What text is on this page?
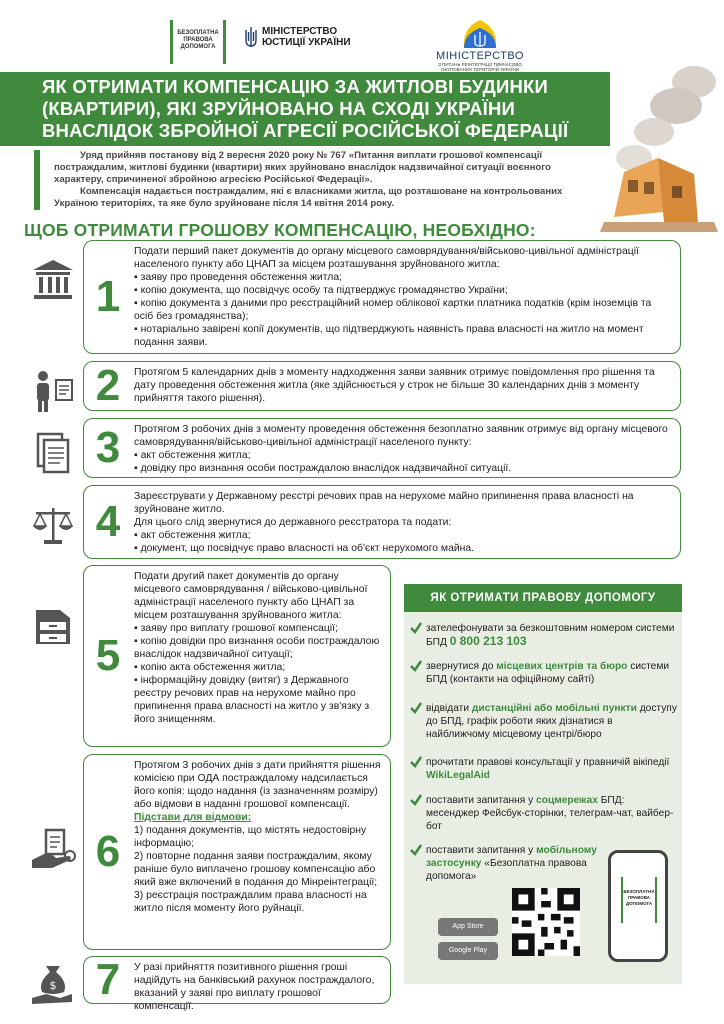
БЕЗОПЛАТНА ПРАВОВА ДОПОМОГА
МІНІСТЕРСТВО
ЮСТИЦІЇ УКРАЇНИ
МІНІСТЕРСТВО
З ПИТАНЬ РЕІНТЕГРАЦІЇ ТИМЧАСОВО ОКУПОВАНИХ ТЕРИТОРІЙ УКРАЇНИ
ЯК ОТРИМАТИ КОМПЕНСАЦІЮ ЗА ЖИТЛОВІ БУДИНКИ
(КВАРТИРИ), ЯКІ ЗРУЙНОВАНО НА СХОДІ УКРАЇНИ
ВНАСЛІДОК ЗБРОЙНОЇ АГРЕСІЇ РОСІЙСЬКОЇ ФЕДЕРАЦІЇ

Уряд прийняв постанову від 2 вересня 2020 року № 767 «Питання виплати грошової компенсації постраждалим, житлові будинки (квартири) яких зруйновано внаслідок надзвичайної ситуації воєнного характеру, спричиненої збройною агресією Російської Федерації».

Компенсація надається постраждалим, які є власниками житла, що розташоване на контрольованих Україною територіях, та яке було зруйноване після 14 квітня 2014 року.

ЩОБ ОТРИМАТИ ГРОШОВУ КОМПЕНСАЦІЮ, НЕОБХІДНО:
$
1
Подати перший пакет документів до органу місцевого самоврядування/військово-цивільної адміністрації населеного пункту або ЦНАП за місцем розташування зруйнованого житла:
▪ заяву про проведення обстеження житла;
▪ копію документа, що посвідчує особу та підтверджує громадянство України;
▪ копію документа з даними про реєстраційний номер облікової картки платника податків (крім іноземців та осіб без громадянства);
▪ нотаріально завірені копії документів, що підтверджують наявність права власності на житло на момент подання заяви.
2	Протягом 5 календарних днів з моменту надходження заяви заявник отримує повідомлення про рішення та дату проведення обстеження житла (яке здійснюється у строк не більше 30 календарних днів з моменту прийняття такого рішення).
3	Протягом 3 робочих днів з моменту проведення обстеження безоплатно заявник отримує від органу місцевого самоврядування/військово-цивільної адміністрації населеного пункту:
▪ акт обстеження житла;
▪ довідку про визнання особи постраждалою внаслідок надзвичайної ситуації.
4
Зареєструвати у Державному реєстрі речових прав на нерухоме майно припинення права власності на зруйноване житло.
Для цього слід звернутися до державного реєстратора та подати:
▪ акт обстеження житла;
▪ документ, що посвідчує право власності на об'єкт нерухомого майна.
5
Подати другий пакет документів до органу місцевого самоврядування / військово-цивільної адміністрації населеного пункту або ЦНАП за місцем розташування зруйнованого житла:
▪ заяву про виплату грошової компенсації;
▪ копію довідки про визнання особи постраждалою внаслідок надзвичайної ситуації;
▪ копію акта обстеження житла;
▪ інформаційну довідку (витяг) з Державного реєстру речових прав на нерухоме майно про припинення права власності на житло у зв'язку з його знищенням.
6
Протягом 3 робочих днів з дати прийняття рішення комісією при ОДА постраждалому надсилається його копія: щодо надання (із зазначенням розміру) або відмови в наданні грошової компенсації.
Підстави для відмови:
1) подання документів, що містять недостовірну інформацію;
2) повторне подання заяви постраждалим, якому раніше було виплачено грошову компенсацію або який вже включений в подання до Мінреінтеграції;
3) реєстрація постраждалим права власності на житло після моменту його руйнації.
7	У разі прийняття позитивного рішення гроші надійдуть на банківський рахунок постраждалого, вказаний у заяві про виплату грошової компенсації.
ЯК ОТРИМАТИ ПРАВОВУ ДОПОМОГУ
зателефонувати за безкоштовним номером системи БПД 0 800 213 103
звернутися до місцевих центрів та бюро системи БПД (контакти на офіційному сайті)
відвідати дистанційні або мобільні пункти доступу до БПД, графік роботи яких дізнатися в найближчому місцевому центрі/бюро
прочитати правові консультації у правничій вікіпедії WikiLegalAid
поставити запитання у соцмережах БПД: месенджер Фейсбук-сторінки, телеграм-чат, вайбер-бот
поставити запитання у мобільному застосунку «Безоплатна правова допомога»
App Store
Google Play
БЕЗОПЛАТНА ПРАВОВА ДОПОМОГА
